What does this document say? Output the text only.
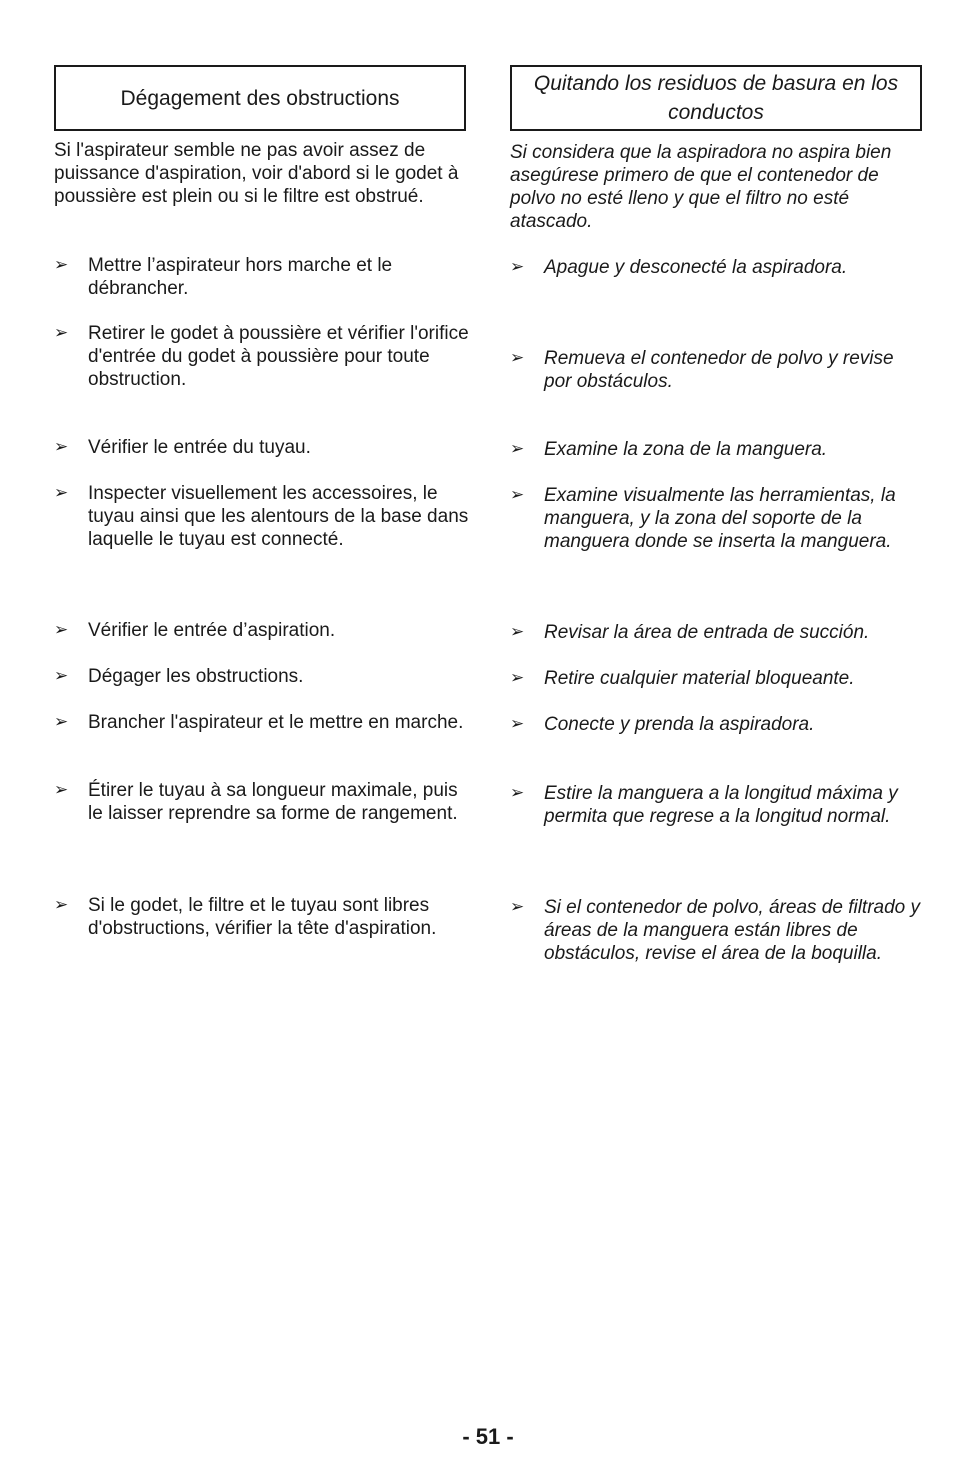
Dégagement des obstructions

Si l'aspirateur semble ne pas avoir assez de puissance d'aspiration, voir d'abord si le godet à poussière est plein ou si le filtre est obstrué.

➢ Mettre l’aspirateur hors marche et le débrancher.
➢ Retirer le godet à poussière et vérifier l'orifice d'entrée du godet à poussière pour toute obstruction.
➢ Vérifier le entrée du tuyau.
➢ Inspecter visuellement les accessoires, le tuyau ainsi que les alentours de la base dans laquelle le tuyau est connecté.
➢ Vérifier le entrée d’aspiration.
➢ Dégager les obstructions.
➢ Brancher l'aspirateur et le mettre en marche.
➢ Étirer le tuyau à sa longueur maximale, puis le laisser reprendre sa forme de rangement.
➢ Si le godet, le filtre et le tuyau sont libres d'obstructions, vérifier la tête d'aspiration.
Quitando los residuos de basura en los conductos

Si considera que la aspiradora no aspira bien asegúrese primero de que el contenedor de polvo no esté lleno y que el filtro no esté atascado.

➢ Apague y desconecté la aspiradora.
➢ Remueva el contenedor de polvo y revise por obstáculos.
➢ Examine la zona de la manguera.
➢ Examine visualmente las herramientas, la manguera, y la zona del soporte de la manguera donde se inserta la manguera.
➢ Revisar la área de entrada de succión.
➢ Retire cualquier material bloqueante.
➢ Conecte y prenda la aspiradora.
➢ Estire la manguera a la longitud máxima y permita que regrese a la longitud normal.
➢ Si el contenedor de polvo, áreas de filtrado y áreas de la manguera están libres de obstáculos, revise el área de la boquilla.
- 51 -
